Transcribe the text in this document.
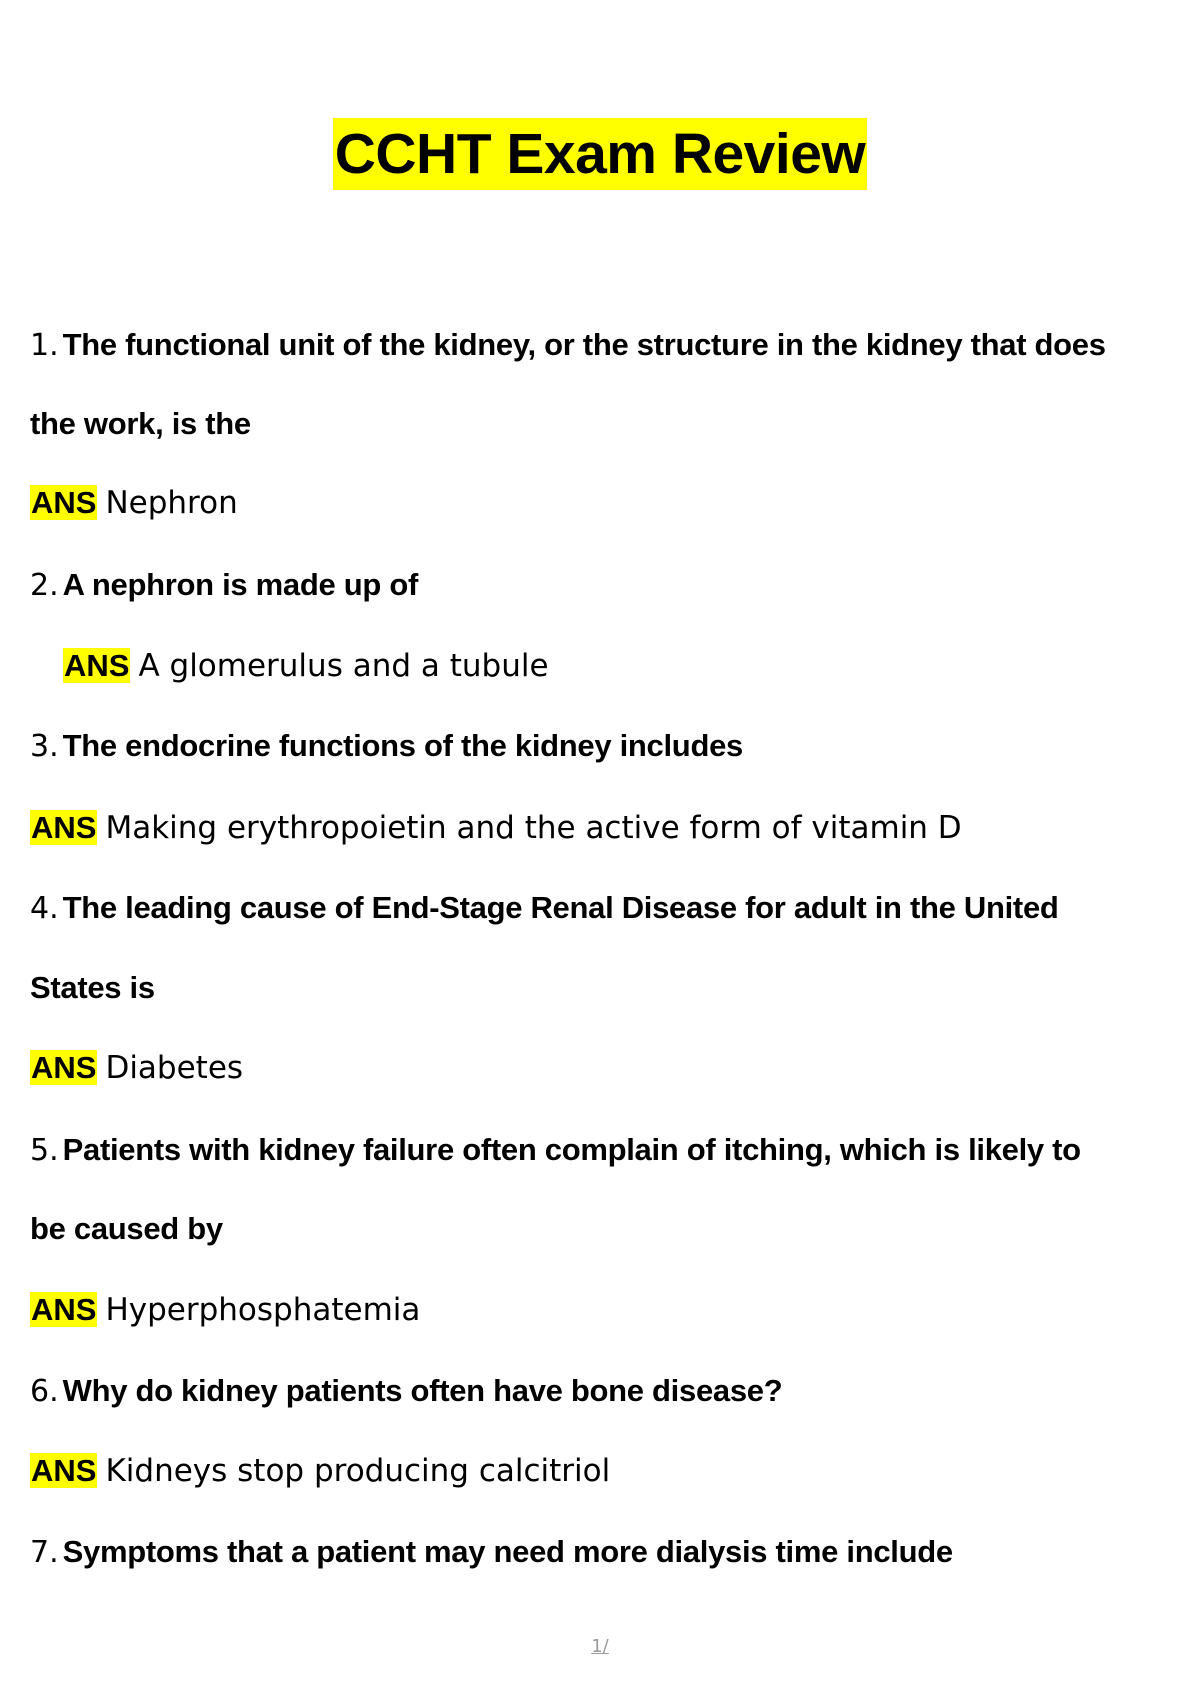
CCHT Exam Review
1. The functional unit of the kidney, or the structure in the kidney that does
the work, is the
ANS Nephron
2. A nephron is made up of
ANS A glomerulus and a tubule
3. The endocrine functions of the kidney includes
ANS Making erythropoietin and the active form of vitamin D
4. The leading cause of End-Stage Renal Disease for adult in the United
States is
ANS Diabetes
5. Patients with kidney failure often complain of itching, which is likely to
be caused by
ANS Hyperphosphatemia
6. Why do kidney patients often have bone disease?
ANS Kidneys stop producing calcitriol
7. Symptoms that a patient may need more dialysis time include
1/
